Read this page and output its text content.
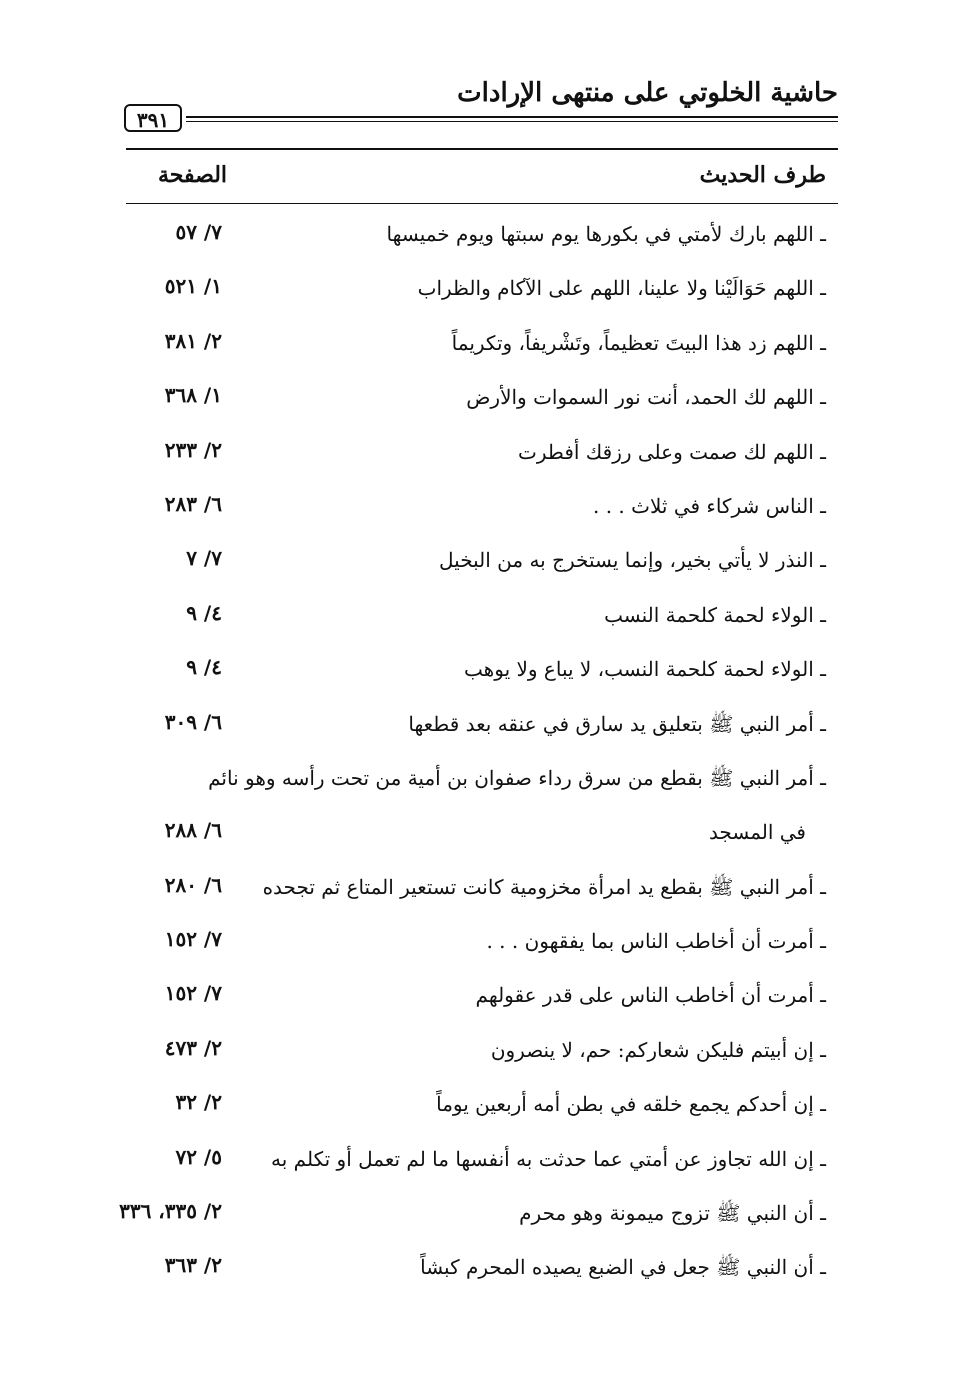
حاشية الخلوتي على منتهى الإرادات
٣٩١
طرف الحديث
الصفحة
ـ اللهم بارك لأمتي في بكورها يوم سبتها ويوم خميسها
٧/ ٥٧
ـ اللهم حَوَالَيْنا ولا علينا، اللهم على الآكام والظراب
١/ ٥٢١
ـ اللهم زد هذا البيتَ تعظيماً، وتَشْريفاً، وتكريماً
٢/ ٣٨١
ـ اللهم لك الحمد، أنت نور السموات والأرض
١/ ٣٦٨
ـ اللهم لك صمت وعلى رزقك أفطرت
٢/ ٢٣٣
ـ الناس شركاء في ثلاث . . .
٦/ ٢٨٣
ـ النذر لا يأتي بخير، وإنما يستخرج به من البخيل
٧/ ٧
ـ الولاء لحمة كلحمة النسب
٤/ ٩
ـ الولاء لحمة كلحمة النسب، لا يباع ولا يوهب
٤/ ٩
ـ أمر النبي ﷺ بتعليق يد سارق في عنقه بعد قطعها
٦/ ٣٠٩
ـ أمر النبي ﷺ بقطع من سرق رداء صفوان بن أمية من تحت رأسه وهو نائم
في المسجد
٦/ ٢٨٨
ـ أمر النبي ﷺ بقطع يد امرأة مخزومية كانت تستعير المتاع ثم تجحده
٦/ ٢٨٠
ـ أمرت أن أخاطب الناس بما يفقهون . . .
٧/ ١٥٢
ـ أمرت أن أخاطب الناس على قدر عقولهم
٧/ ١٥٢
ـ إن أبيتم فليكن شعاركم: حم، لا ينصرون
٢/ ٤٧٣
ـ إن أحدكم يجمع خلقه في بطن أمه أربعين يوماً
٢/ ٣٢
ـ إن الله تجاوز عن أمتي عما حدثت به أنفسها ما لم تعمل أو تكلم به
٥/ ٧٢
ـ أن النبي ﷺ تزوج ميمونة وهو محرم
٢/ ٣٣٥، ٣٣٦
ـ أن النبي ﷺ جعل في الضبع يصيده المحرم كبشاً
٢/ ٣٦٣
